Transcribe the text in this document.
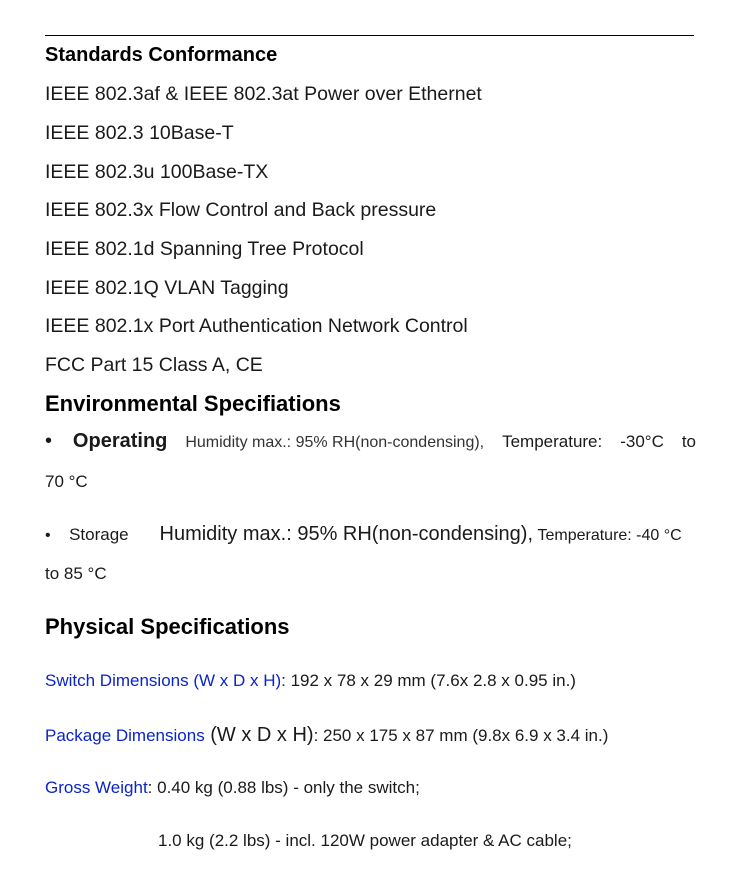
Standards Conformance
IEEE 802.3af & IEEE 802.3at Power over Ethernet
IEEE 802.3 10Base-T
IEEE 802.3u 100Base-TX
IEEE 802.3x Flow Control and Back pressure
IEEE 802.1d Spanning Tree Protocol
IEEE 802.1Q VLAN Tagging
IEEE 802.1x Port Authentication Network Control
FCC Part 15 Class A, CE
Environmental Specifiations
• Operating Humidity max.: 95% RH(non-condensing), Temperature: -30°C to
70 °C
• Storage Humidity max.: 95% RH(non-condensing), Temperature: -40 °C
to 85 °C
Physical Specifications
Switch Dimensions (W x D x H): 192 x 78 x 29 mm (7.6x 2.8 x 0.95 in.)
Package Dimensions (W x D x H): 250 x 175 x 87 mm (9.8x 6.9 x 3.4 in.)
Gross Weight: 0.40 kg (0.88 lbs) - only the switch;
1.0 kg (2.2 lbs) - incl. 120W power adapter & AC cable;
